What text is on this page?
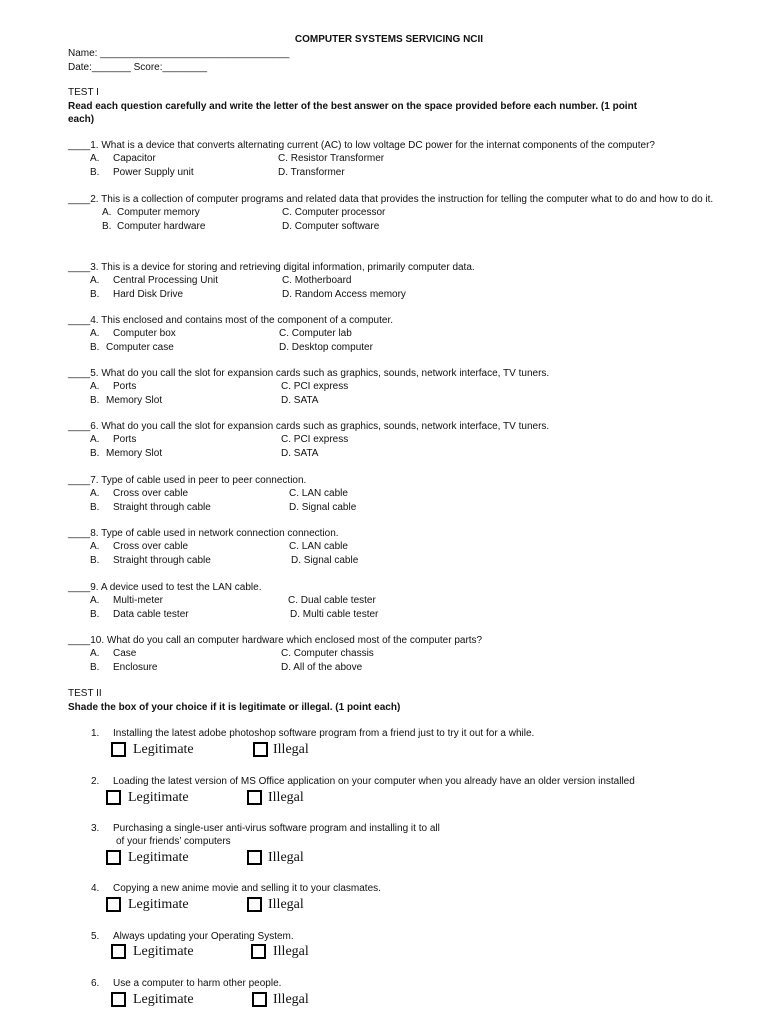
COMPUTER SYSTEMS SERVICING NCII
Name: __________________________________
Date:_______ Score:________
TEST I
Read each question carefully and write the letter of the best answer on the space provided before each number. (1 point
each)
____1. What is a device that converts alternating current (AC) to low voltage DC power for the internat components of the computer?
A. Capacitor	C. Resistor Transformer
B. Power Supply unit	D. Transformer
____2. This is a collection of computer programs and related data that provides the instruction for telling the computer what to do and how to do it.
A. Computer memory	C. Computer processor
B. Computer hardware	D. Computer software
____3. This is a device for storing and retrieving digital information, primarily computer data.
A. Central Processing Unit	C. Motherboard
B. Hard Disk Drive	D. Random Access memory
____4. This enclosed and contains most of the component of a computer.
A. Computer box	C. Computer lab
B. Computer case	D. Desktop computer
____5. What do you call the slot for expansion cards such as graphics, sounds, network interface, TV tuners.
A. Ports	C. PCI express
B. Memory Slot	D. SATA
____6. What do you call the slot for expansion cards such as graphics, sounds, network interface, TV tuners.
A. Ports	C. PCI express
B. Memory Slot	D. SATA
____7. Type of cable used in peer to peer connection.
A. Cross over cable	C. LAN cable
B. Straight through cable	D. Signal cable
____8. Type of cable used in network connection connection.
A. Cross over cable	C. LAN cable
B. Straight through cable	D. Signal cable
____9. A device used to test the LAN cable.
A. Multi-meter	C. Dual cable tester
B. Data cable tester	D. Multi cable tester
____10. What do you call an computer hardware which enclosed most of the computer parts?
A. Case	C. Computer chassis
B. Enclosure	D. All of the above
TEST II
Shade the box of your choice if it is legitimate or illegal. (1 point each)
1. Installing the latest adobe photoshop software program from a friend just to try it out for a while.
Legitimate	Illegal
2. Loading the latest version of MS Office application on your computer when you already have an older version installed
Legitimate	Illegal
3. Purchasing a single-user anti-virus software program and installing it to all
of your friends’ computers
Legitimate	Illegal
4. Copying a new anime movie and selling it to your clasmates.
Legitimate	Illegal
5. Always updating your Operating System.
Legitimate	Illegal
6. Use a computer to harm other people.
Legitimate	Illegal
